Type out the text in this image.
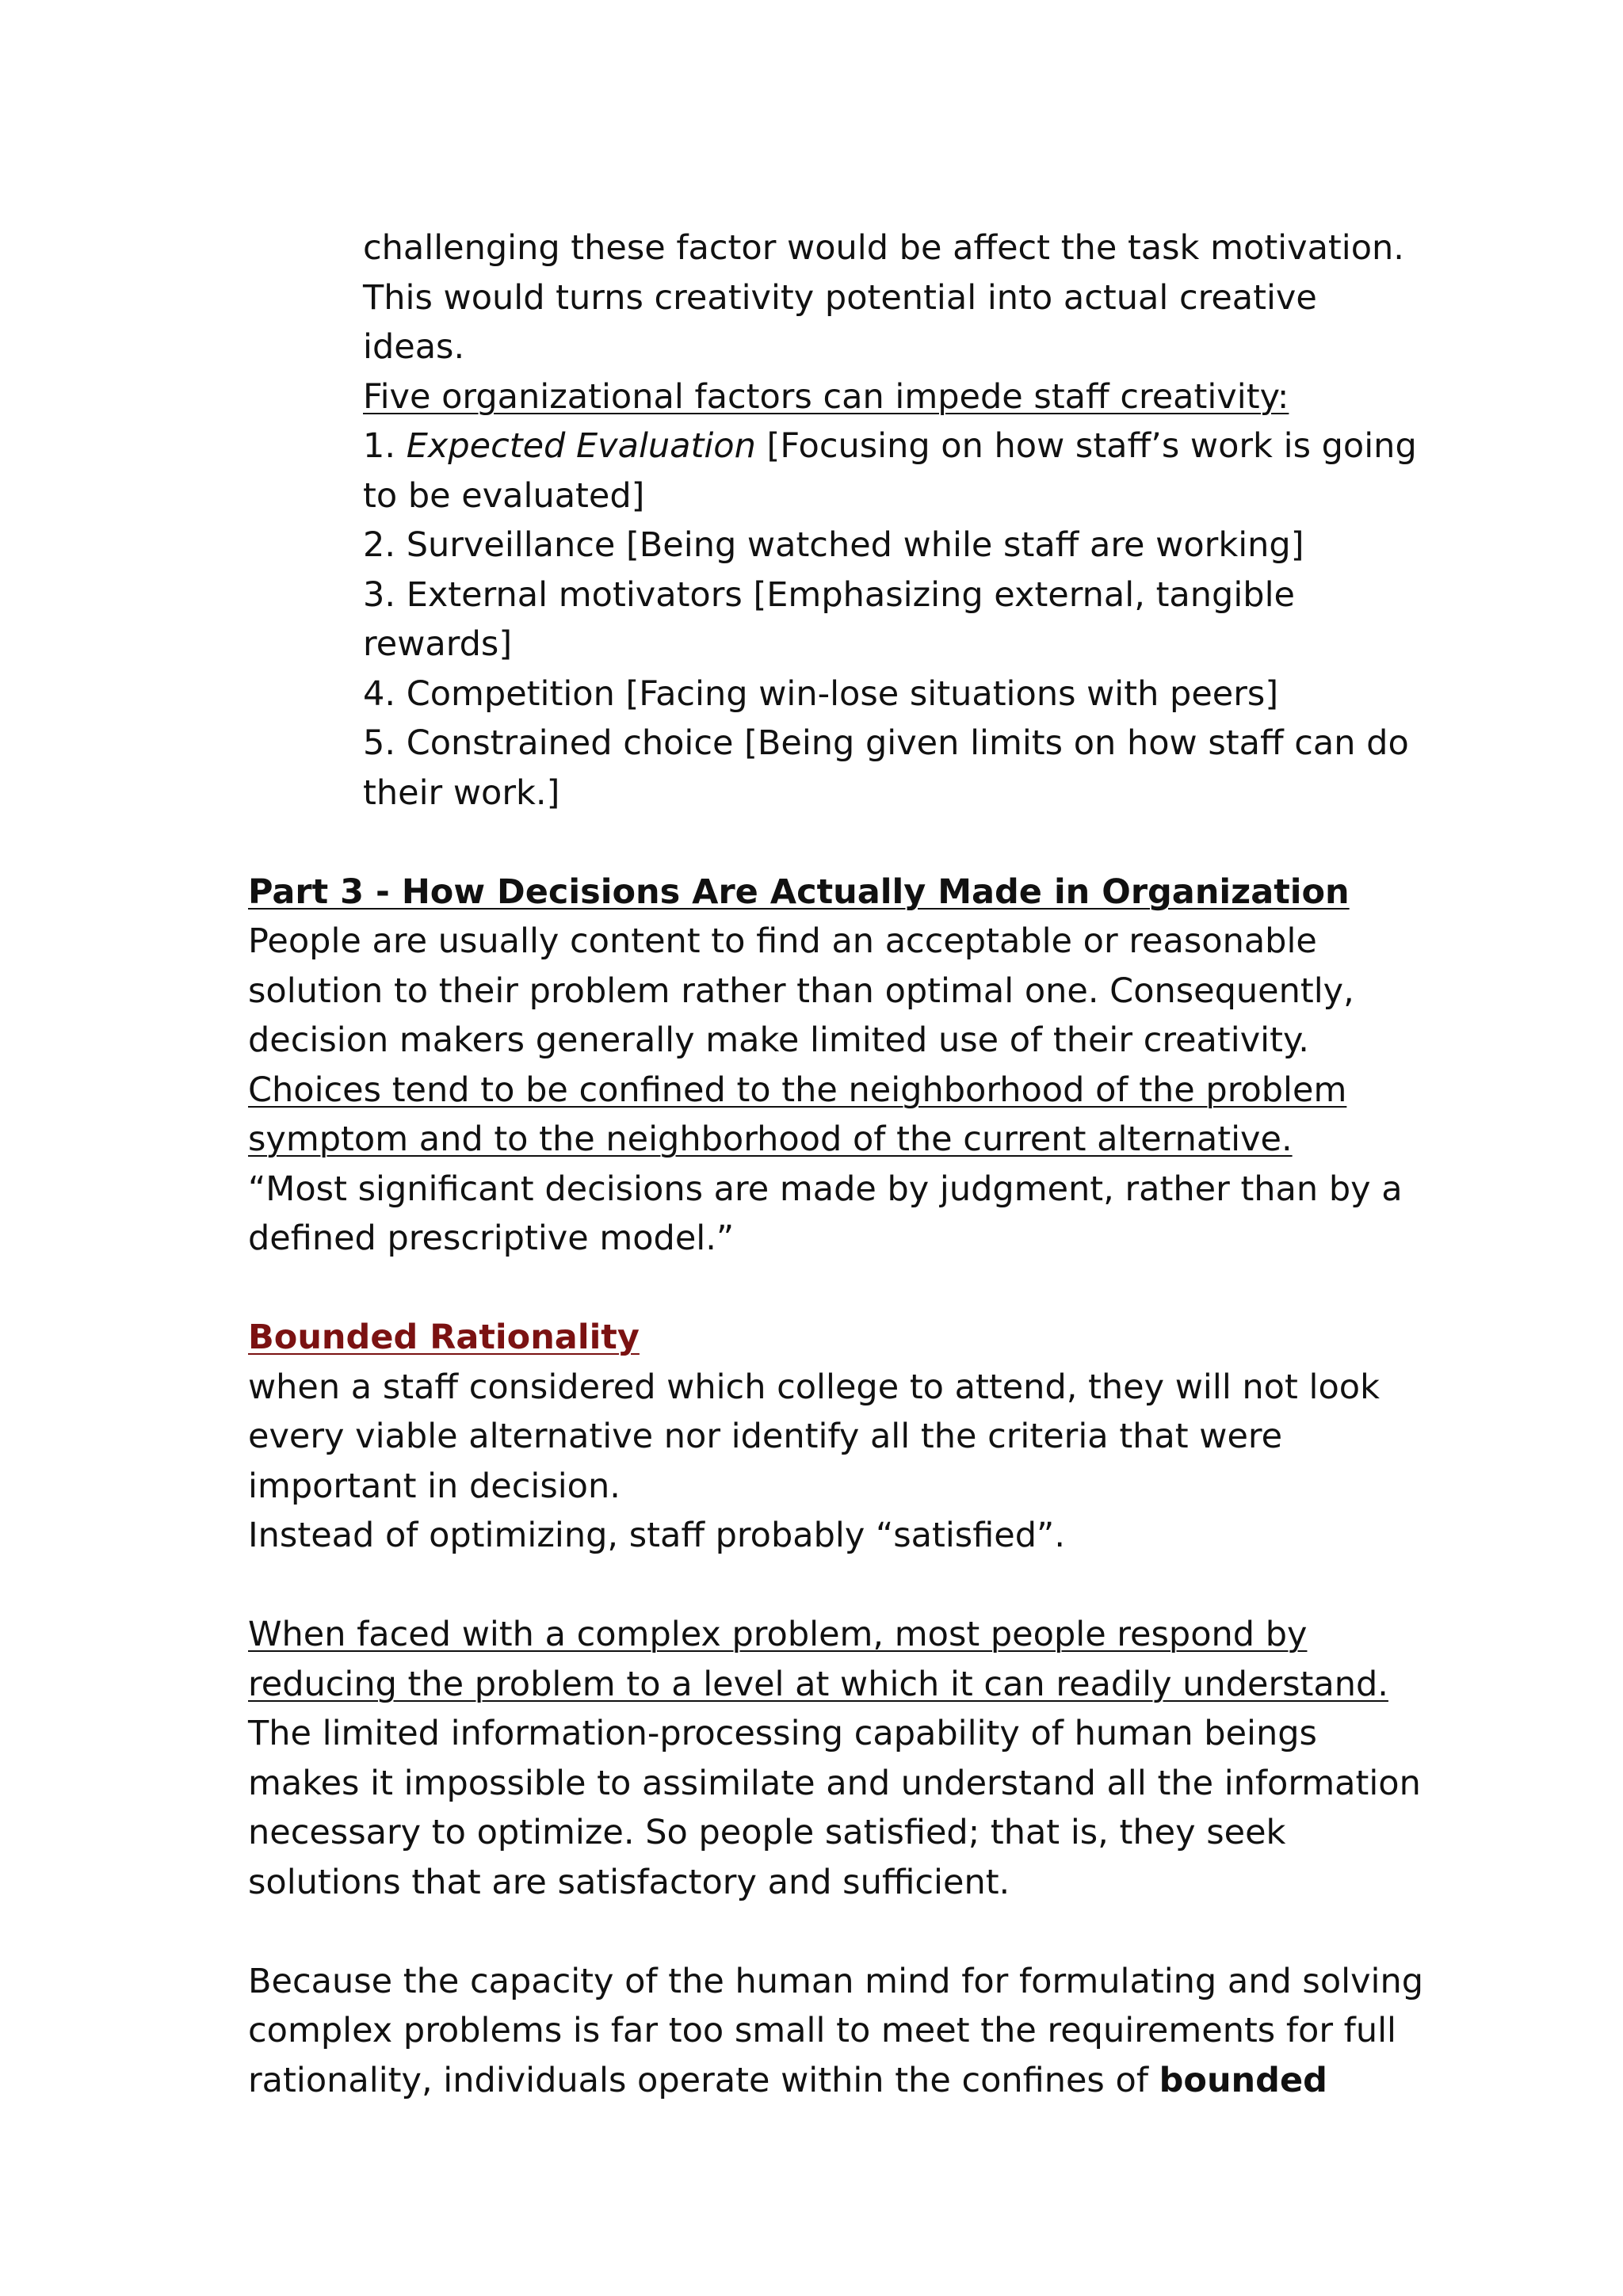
challenging these factor would be affect the task motivation.
This would turns creativity potential into actual creative
ideas.
Five organizational factors can impede staff creativity:
1. Expected Evaluation [Focusing on how staff’s work is going
to be evaluated]
2. Surveillance [Being watched while staff are working]
3. External motivators [Emphasizing external, tangible
rewards]
4. Competition [Facing win-lose situations with peers]
5. Constrained choice [Being given limits on how staff can do
their work.]
Part 3 - How Decisions Are Actually Made in Organization
People are usually content to find an acceptable or reasonable
solution to their problem rather than optimal one. Consequently,
decision makers generally make limited use of their creativity.
Choices tend to be confined to the neighborhood of the problem
symptom and to the neighborhood of the current alternative.
“Most significant decisions are made by judgment, rather than by a
defined prescriptive model.”
Bounded Rationality
when a staff considered which college to attend, they will not look
every viable alternative nor identify all the criteria that were
important in decision.
Instead of optimizing, staff probably “satisfied”.
When faced with a complex problem, most people respond by
reducing the problem to a level at which it can readily understand.
The limited information-processing capability of human beings
makes it impossible to assimilate and understand all the information
necessary to optimize. So people satisfied; that is, they seek
solutions that are satisfactory and sufficient.
Because the capacity of the human mind for formulating and solving
complex problems is far too small to meet the requirements for full
rationality, individuals operate within the confines of bounded
